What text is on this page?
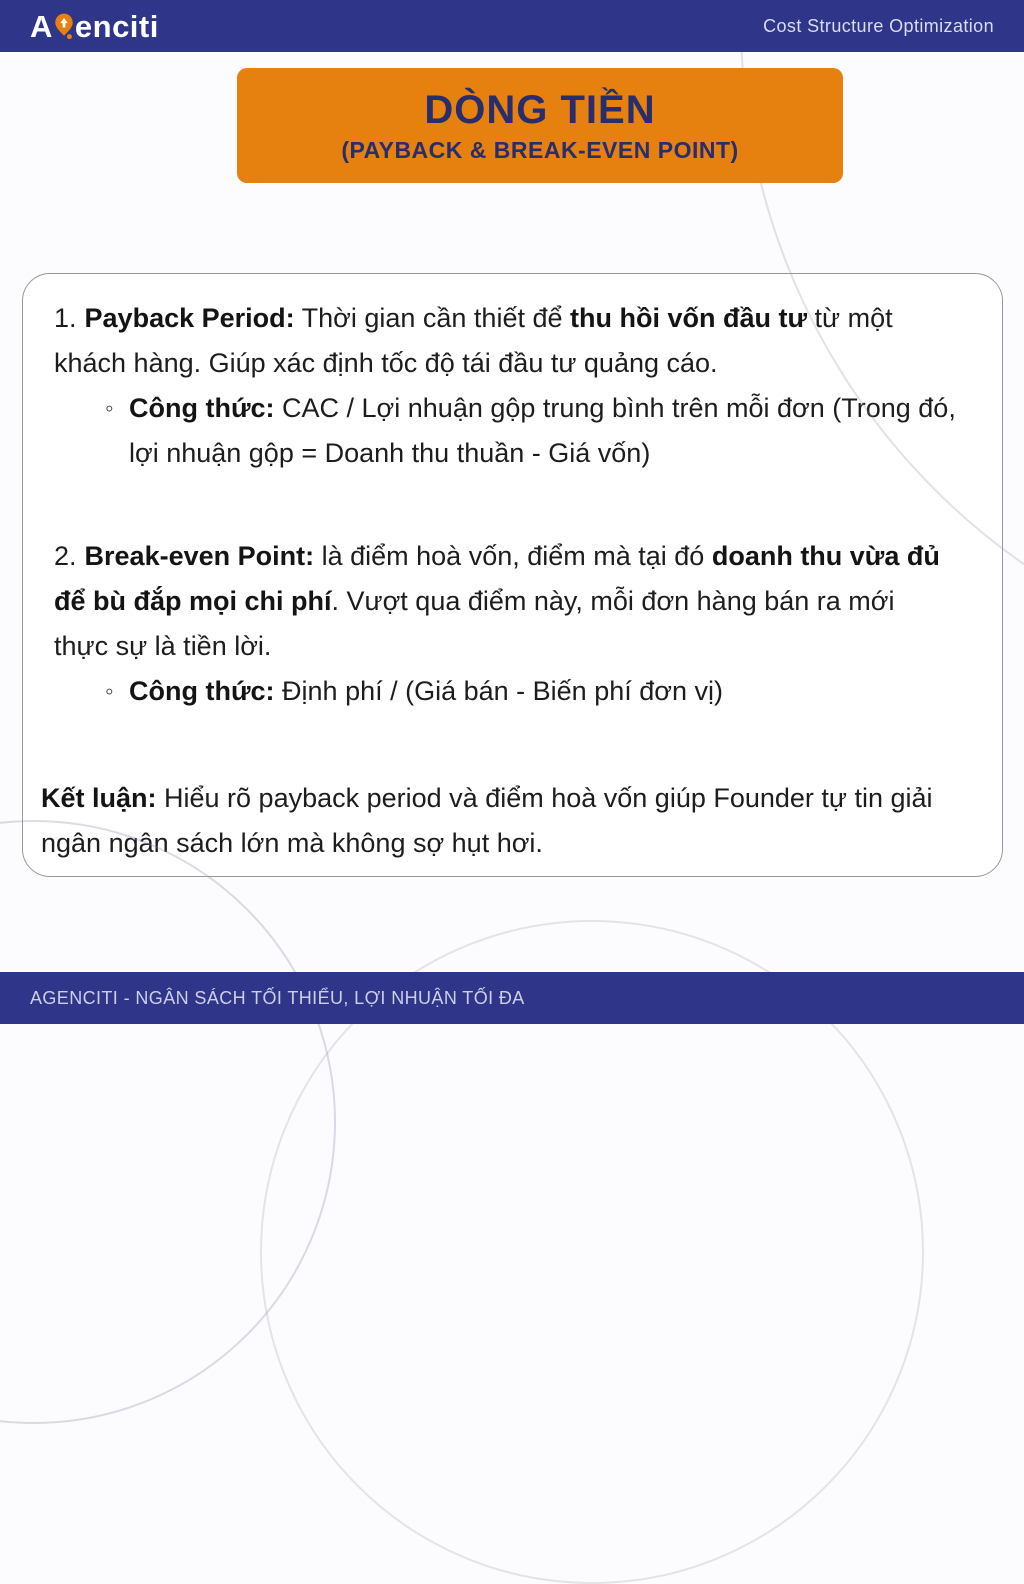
A enciti	Cost Structure Optimization
DÒNG TIỀN
(PAYBACK & BREAK-EVEN POINT)
1. Payback Period: Thời gian cần thiết để thu hồi vốn đầu tư từ một khách hàng. Giúp xác định tốc độ tái đầu tư quảng cáo.
◦ Công thức: CAC / Lợi nhuận gộp trung bình trên mỗi đơn (Trong đó, lợi nhuận gộp = Doanh thu thuần - Giá vốn)
2. Break-even Point: là điểm hoà vốn, điểm mà tại đó doanh thu vừa đủ để bù đắp mọi chi phí. Vượt qua điểm này, mỗi đơn hàng bán ra mới thực sự là tiền lời.
◦ Công thức: Định phí / (Giá bán - Biến phí đơn vị)
Kết luận: Hiểu rõ payback period và điểm hoà vốn giúp Founder tự tin giải ngân ngân sách lớn mà không sợ hụt hơi.
AGENCITI - NGÂN SÁCH TỐI THIỂU, LỢI NHUẬN TỐI ĐA
